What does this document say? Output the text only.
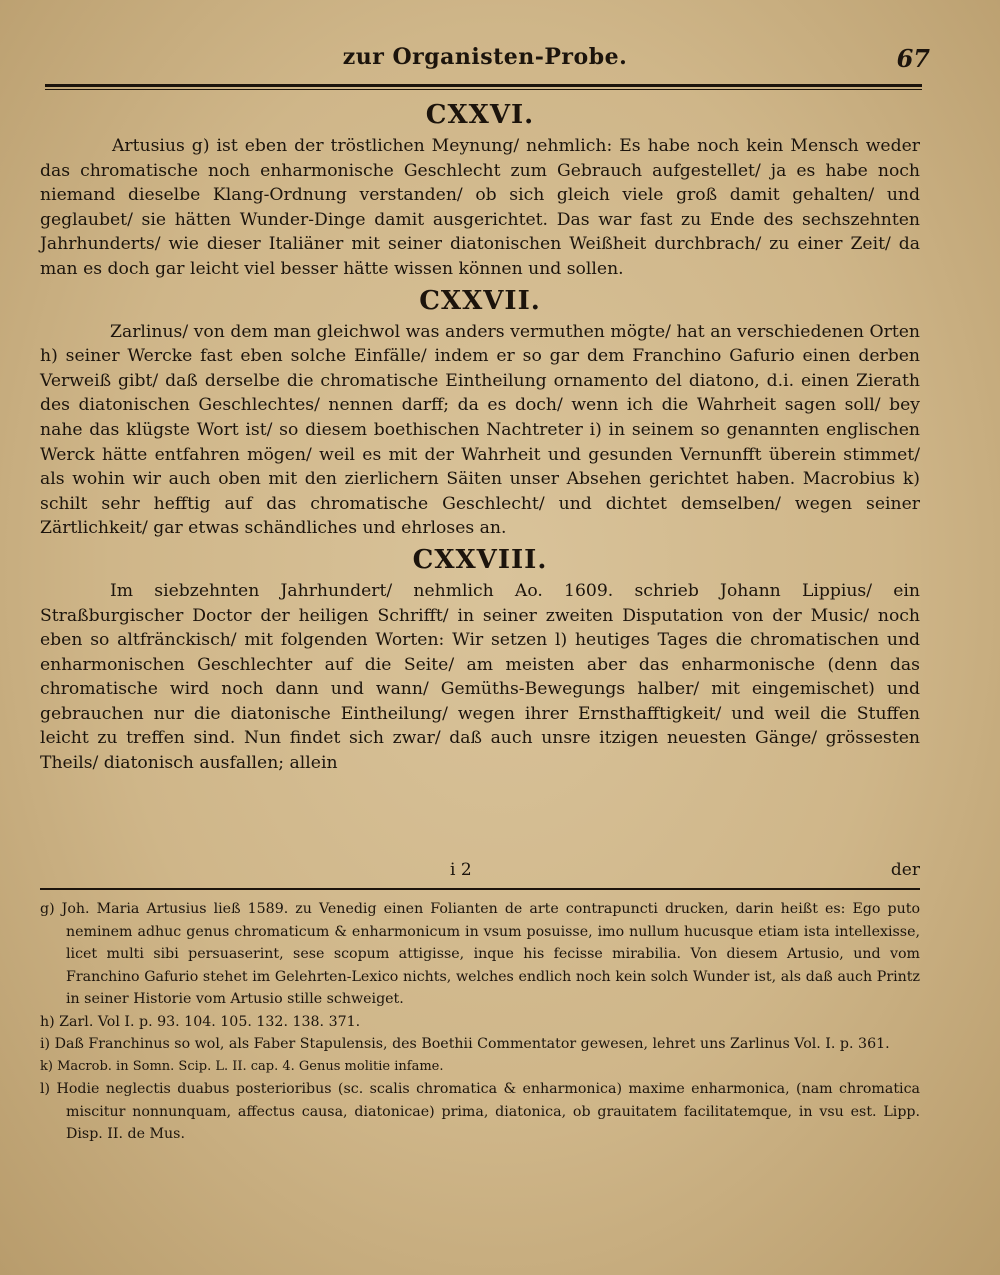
zur Organisten-Probe.	67
CXXVI.

Artusius g) ist eben der tröstlichen Meynung/ nehmlich: Es habe noch kein Mensch weder das chromatische noch enharmonische Geschlecht zum Gebrauch aufgestellet/ ja es habe noch niemand dieselbe Klang-Ordnung verstanden/ ob sich gleich viele groß damit gehalten/ und geglaubet/ sie hätten Wunder-Dinge damit ausgerichtet. Das war fast zu Ende des sechszehnten Jahrhunderts/ wie dieser Italiäner mit seiner diatonischen Weißheit durchbrach/ zu einer Zeit/ da man es doch gar leicht viel besser hätte wissen können und sollen.

CXXVII.

Zarlinus/ von dem man gleichwol was anders vermuthen mögte/ hat an verschiedenen Orten h) seiner Wercke fast eben solche Einfälle/ indem er so gar dem Franchino Gafurio einen derben Verweiß gibt/ daß derselbe die chromatische Eintheilung ornamento del diatono, d.i. einen Zierath des diatonischen Geschlechtes/ nennen darff; da es doch/ wenn ich die Wahrheit sagen soll/ bey nahe das klügste Wort ist/ so diesem boethischen Nachtreter i) in seinem so genannten englischen Werck hätte entfahren mögen/ weil es mit der Wahrheit und gesunden Vernunfft überein stimmet/ als wohin wir auch oben mit den zierlichern Säiten unser Absehen gerichtet haben. Macrobius k) schilt sehr hefftig auf das chromatische Geschlecht/ und dichtet demselben/ wegen seiner Zärtlichkeit/ gar etwas schändliches und ehrloses an.

CXXVIII.

Im siebzehnten Jahrhundert/ nehmlich Ao. 1609. schrieb Johann Lippius/ ein Straßburgischer Doctor der heiligen Schrifft/ in seiner zweiten Disputation von der Music/ noch eben so altfränckisch/ mit folgenden Worten: Wir setzen l) heutiges Tages die chromatischen und enharmonischen Geschlechter auf die Seite/ am meisten aber das enharmonische (denn das chromatische wird noch dann und wann/ Gemüths-Bewegungs halber/ mit eingemischet) und gebrauchen nur die diatonische Eintheilung/ wegen ihrer Ernsthafftigkeit/ und weil die Stuffen leicht zu treffen sind. Nun findet sich zwar/ daß auch unsre itzigen neuesten Gänge/ grössesten Theils/ diatonisch ausfallen; allein

i 2	der

g) Joh. Maria Artusius ließ 1589. zu Venedig einen Folianten de arte contrapuncti drucken, darin heißt es: Ego puto neminem adhuc genus chromaticum & enharmonicum in vsum posuisse, imo nullum hucusque etiam ista intellexisse, licet multi sibi persuaserint, sese scopum attigisse, inque his fecisse mirabilia. Von diesem Artusio, und vom Franchino Gafurio stehet im Gelehrten-Lexico nichts, welches endlich noch kein solch Wunder ist, als daß auch Printz in seiner Historie vom Artusio stille schweiget.

h) Zarl. Vol I. p. 93. 104. 105. 132. 138. 371.

i) Daß Franchinus so wol, als Faber Stapulensis, des Boethii Commentator gewesen, lehret uns Zarlinus Vol. I. p. 361.

k) Macrob. in Somn. Scip. L. II. cap. 4. Genus molitie infame.

l) Hodie neglectis duabus posterioribus (sc. scalis chromatica & enharmonica) maxime enharmonica, (nam chromatica miscitur nonnunquam, affectus causa, diatonicae) prima, diatonica, ob grauitatem facilitatemque, in vsu est. Lipp. Disp. II. de Mus.
